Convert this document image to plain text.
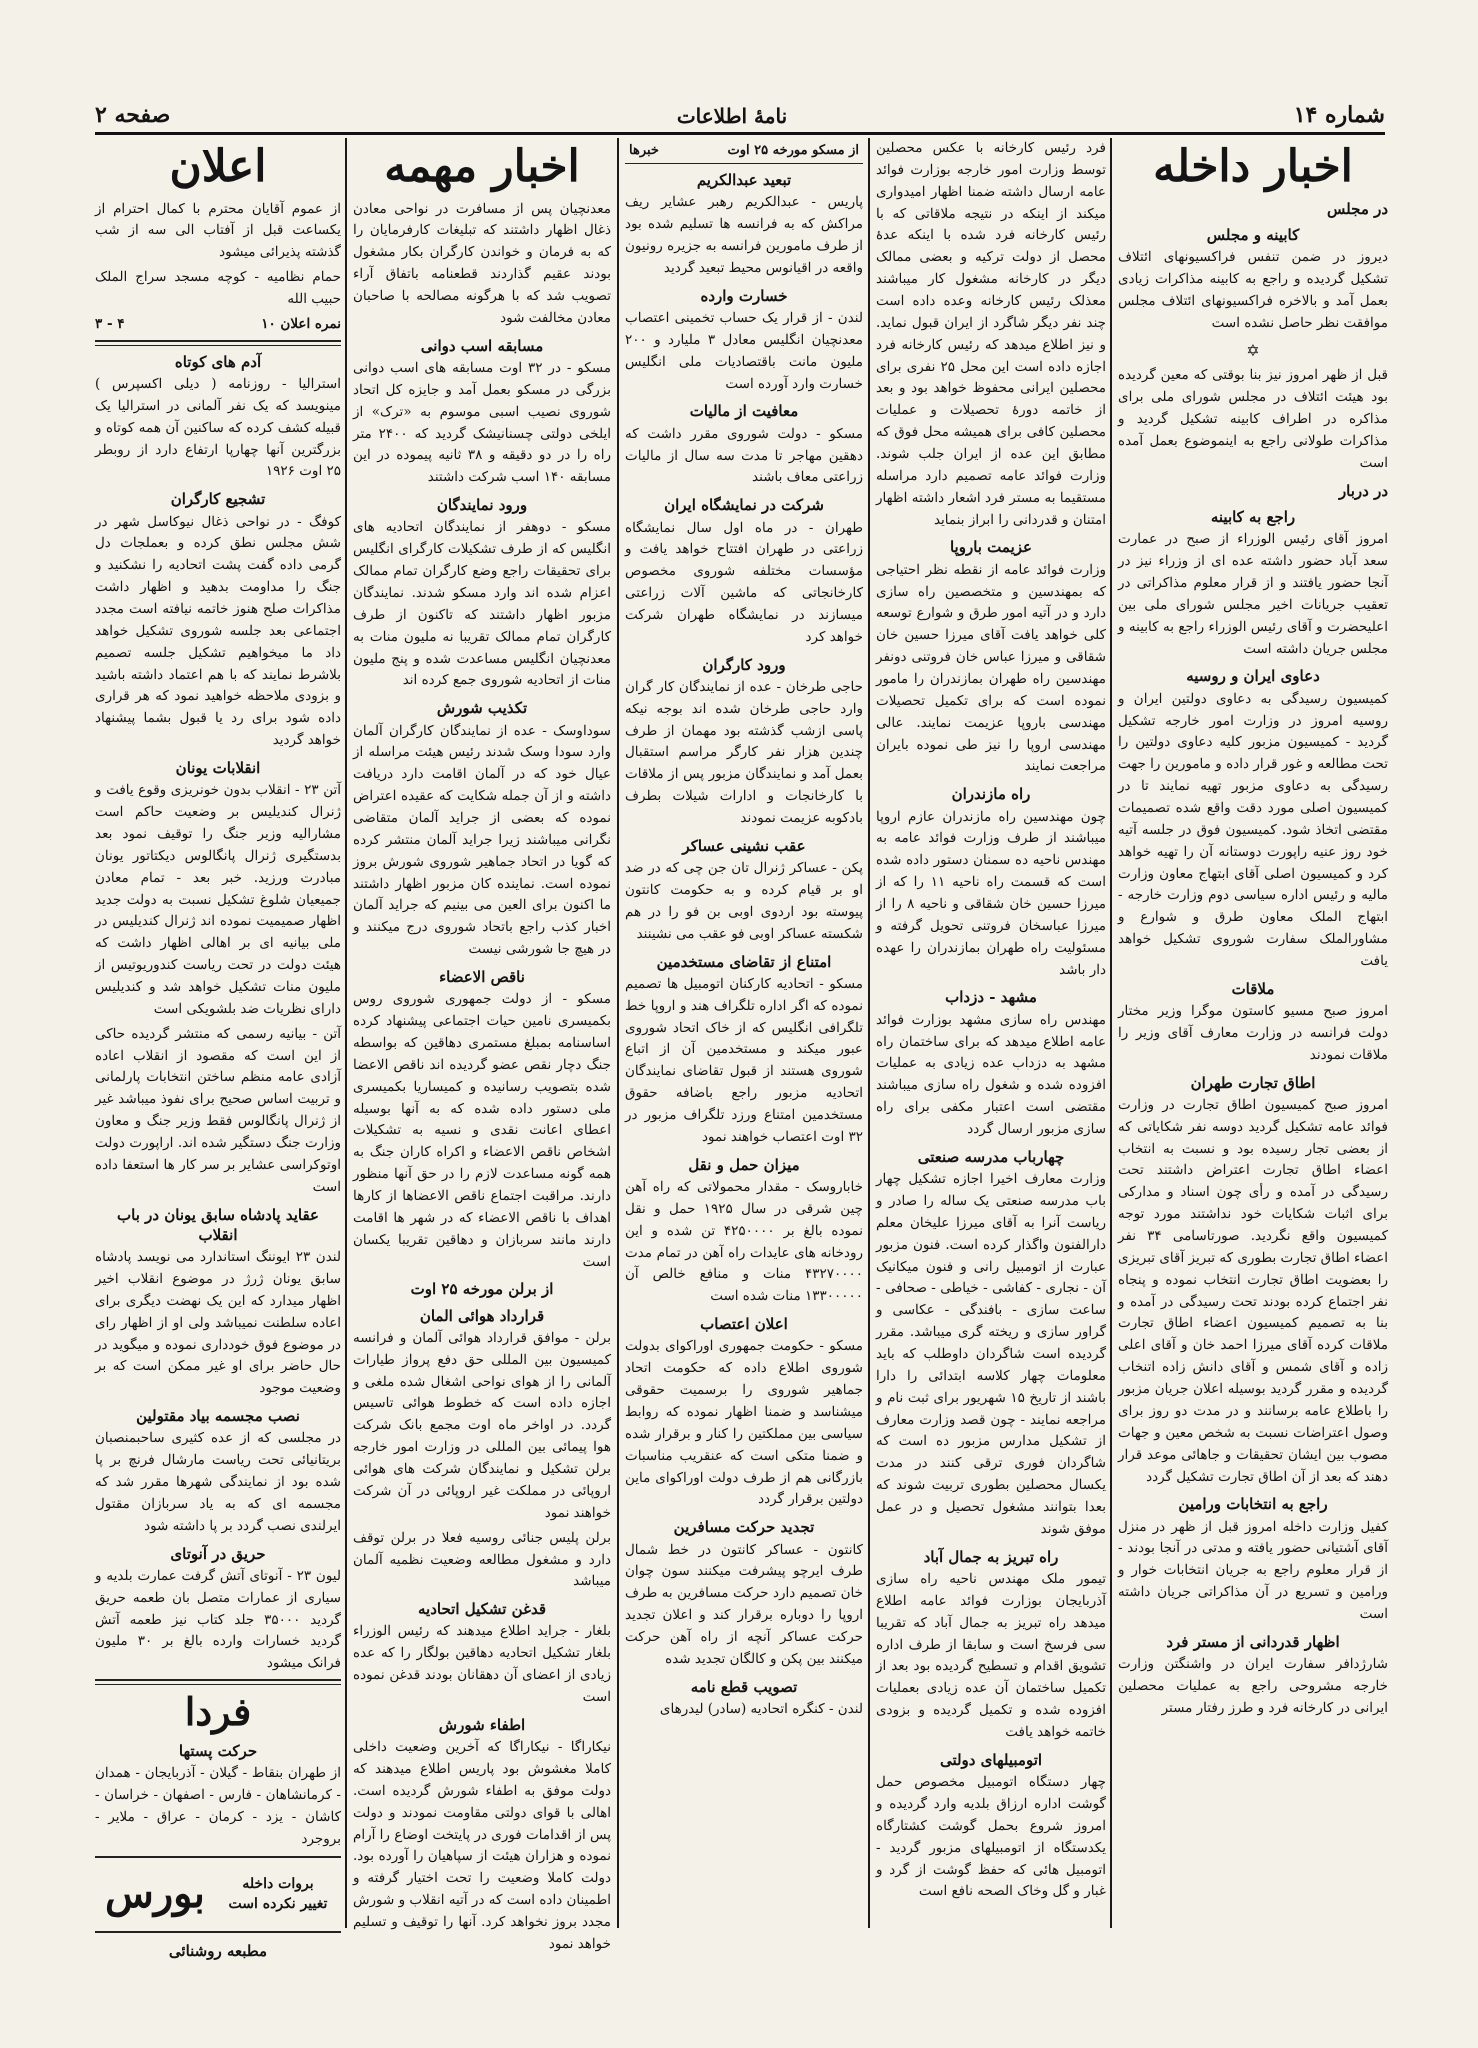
شماره ۱۴
نامۀ اطلاعات
صفحه ۲
اخبار داخله
در مجلس
کابینه و مجلس

دیروز در ضمن تنفس فراکسیونهای ائتلاف تشکیل گردیده و راجع به کابینه مذاکرات زیادی بعمل آمد و بالاخره فراکسیونهای ائتلاف مجلس موافقت نظر حاصل نشده است

✡

قبل از ظهر امروز نیز بنا بوقتی که معین گردیده بود هیئت ائتلاف در مجلس شورای ملی برای مذاکره در اطراف کابینه تشکیل گردید و مذاکرات طولانی راجع به اینموضوع بعمل آمده است

در دربار
راجع به کابینه

امروز آقای رئیس الوزراء از صبح در عمارت سعد آباد حضور داشته عده ای از وزراء نیز در آنجا حضور یافتند و از قرار معلوم مذاکراتی در تعقیب جریانات اخیر مجلس شورای ملی بین اعلیحضرت و آقای رئیس الوزراء راجع به کابینه و مجلس جریان داشته است

دعاوی ایران و روسیه

کمیسیون رسیدگی به دعاوی دولتین ایران و روسیه امروز در وزارت امور خارجه تشکیل گردید - کمیسیون مزبور کلیه دعاوی دولتین را تحت مطالعه و غور قرار داده و مامورین را جهت رسیدگی به دعاوی مزبور تهیه نمایند تا در کمیسیون اصلی مورد دقت واقع شده تصمیمات مقتضی اتخاذ شود. کمیسیون فوق در جلسه آتیه خود روز عنیه راپورت دوستانه آن را تهیه خواهد کرد و کمیسیون اصلی آقای ابتهاج معاون وزارت مالیه و رئیس اداره سیاسی دوم وزارت خارجه - ابتهاج الملک معاون طرق و شوارع و مشاورالملک سفارت شوروی تشکیل خواهد یافت

ملاقات

امروز صبح مسیو کاستون موگرا وزیر مختار دولت فرانسه در وزارت معارف آقای وزیر را ملاقات نمودند

اطاق تجارت طهران

امروز صبح کمیسیون اطاق تجارت در وزارت فوائد عامه تشکیل گردید دوسه نفر شکایاتی که از بعضی تجار رسیده بود و نسبت به انتخاب اعضاء اطاق تجارت اعتراض داشتند تحت رسیدگی در آمده و رأی چون اسناد و مدارکی برای اثبات شکایات خود نداشتند مورد توجه کمیسیون واقع نگردید. صورتاسامی ۳۴ نفر اعضاء اطاق تجارت بطوری که تبریز آقای تبریزی را بعضویت اطاق تجارت انتخاب نموده و پنجاه نفر اجتماع کرده بودند تحت رسیدگی در آمده و بنا به تصمیم کمیسیون اعضاء اطاق تجارت ملاقات کرده آقای میرزا احمد خان و آقای اعلی زاده و آقای شمس و آقای دانش زاده اتنخاب گردیده و مقرر گردید بوسیله اعلان جریان مزبور را باطلاع عامه برسانند و در مدت دو روز برای وصول اعتراضات نسبت به شخص معین و جهات مصوب بین ایشان تحقیقات و جاهائی موعد قرار دهند که بعد از آن اطاق تجارت تشکیل گردد

راجع به انتخابات ورامین

کفیل وزارت داخله امروز قبل از ظهر در منزل آقای آشتیانی حضور یافته و مدتی در آنجا بودند - از قرار معلوم راجع به جریان انتخابات خوار و ورامین و تسریع در آن مذاکراتی جریان داشته است

اظهار قدردانی از مستر فرد

شارژدافر سفارت ایران در واشنگتن وزارت خارجه مشروحی راجع به عملیات محصلین ایرانی در کارخانه فرد و طرز رفتار مستر

فرد رئیس کارخانه با عکس محصلین توسط وزارت امور خارجه بوزارت فوائد عامه ارسال داشته ضمنا اظهار امیدواری میکند از اینکه در نتیجه ملاقاتی که با رئیس کارخانه فرد شده با اینکه عدۀ محصل از دولت ترکیه و بعضی ممالک دیگر در کارخانه مشغول کار میباشند معذلک رئیس کارخانه وعده داده است چند نفر دیگر شاگرد از ایران قبول نماید. و نیز اطلاع میدهد که رئیس کارخانه فرد اجازه داده است این محل ۲۵ نفری برای محصلین ایرانی محفوظ خواهد بود و بعد از خاتمه دورۀ تحصیلات و عملیات محصلین کافی برای همیشه محل فوق که مطابق این عده از ایران جلب شوند. وزارت فوائد عامه تصمیم دارد مراسله مستقیما به مستر فرد اشعار داشته اظهار امتنان و قدردانی را ابراز بنماید

عزیمت باروپا

وزارت فوائد عامه از نقطه نظر احتیاجی که بمهندسین و متخصصین راه سازی دارد و در آتیه امور طرق و شوارع توسعه کلی خواهد یافت آقای میرزا حسین خان شقاقی و میرزا عباس خان فروتنی دونفر مهندسین راه طهران بمازندران را مامور نموده است که برای تکمیل تحصیلات مهندسی باروپا عزیمت نمایند. عالی مهندسی اروپا را نیز طی نموده بایران مراجعت نمایند

راه مازندران

چون مهندسین راه مازندران عازم اروپا میباشند از طرف وزارت فوائد عامه به مهندس ناحیه ده سمنان دستور داده شده است که قسمت راه ناحیه ۱۱ را که از میرزا حسین خان شقاقی و ناحیه ۸ را از میرزا عباسخان فروتنی تحویل گرفته و مسئولیت راه طهران بمازندران را عهده دار باشد

مشهد - دزداب

مهندس راه سازی مشهد بوزارت فوائد عامه اطلاع میدهد که برای ساختمان راه مشهد به دزداب عده زیادی به عملیات افزوده شده و شغول راه سازی میباشند مقتضی است اعتبار مکفی برای راه سازی مزبور ارسال گردد

چهارباب مدرسه صنعتی

وزارت معارف اخیرا اجازه تشکیل چهار باب مدرسه صنعتی یک ساله را صادر و ریاست آنرا به آقای میرزا علیخان معلم دارالفنون واگذار کرده است. فنون مزبور عبارت از اتومبیل رانی و فنون میکانیک آن - نجاری - کفاشی - خیاطی - صحافی - ساعت سازی - بافندگی - عکاسی و گراور سازی و ریخته گری میباشد. مقرر گردیده است شاگردان داوطلب که باید معلومات چهار کلاسه ابتدائی را دارا باشند از تاریخ ۱۵ شهریور برای ثبت نام و مراجعه نمایند - چون قصد وزارت معارف از تشکیل مدارس مزبور ده است که شاگردان فوری ترقی کنند در مدت یکسال محصلین بطوری تربیت شوند که بعدا بتوانند مشغول تحصیل و در عمل موفق شوند

راه تبریز به جمال آباد

تیمور ملک مهندس ناحیه راه سازی آذربایجان بوزارت فوائد عامه اطلاع میدهد راه تبریز به جمال آباد که تقریبا سی فرسخ است و سابقا از طرف اداره تشویق اقدام و تسطیح گردیده بود بعد از تکمیل ساختمان آن عده زیادی بعملیات افزوده شده و تکمیل گردیده و بزودی خاتمه خواهد یافت

اتومبیلهای دولتی

چهار دستگاه اتومبیل مخصوص حمل گوشت اداره ارزاق بلدیه وارد گردیده و امروز شروع بحمل گوشت کشتارگاه یکدستگاه از اتومبیلهای مزبور گردید - اتومبیل هائی که حفظ گوشت از گرد و غبار و گل وخاک الصحه نافع است

از مسکو مورخه ۲۵ اوت
خبرها
تبعید عبدالکریم

پاریس - عبدالکریم رهبر عشایر ریف مراکش که به فرانسه ها تسلیم شده بود از طرف مامورین فرانسه به جزیره رونیون واقعه در اقیانوس محیط تبعید گردید

خسارت وارده

لندن - از قرار یک حساب تخمینی اعتصاب معدنچیان انگلیس معادل ۳ ملیارد و ۲۰۰ ملیون مانت باقتصادیات ملی انگلیس خسارت وارد آورده است

معافیت از مالیات

مسکو - دولت شوروی مقرر داشت که دهقین مهاجر تا مدت سه سال از مالیات زراعتی معاف باشند

شرکت در نمایشگاه ایران

طهران - در ماه اول سال نمایشگاه زراعتی در طهران افتتاح خواهد یافت و مؤسسات مختلفه شوروی مخصوص کارخانجاتی که ماشین آلات زراعتی میسازند در نمایشگاه طهران شرکت خواهد کرد

ورود کارگران

حاجی طرخان - عده از نمایندگان کار گران وارد حاجی طرخان شده اند بوجه نیکه پاسی ازشب گذشته بود مهمان از طرف چندین هزار نفر کارگر مراسم استقبال بعمل آمد و نمایندگان مزبور پس از ملاقات با کارخانجات و ادارات شیلات بطرف بادکوبه عزیمت نمودند

عقب نشینی عساکر

پکن - عساکر ژنرال تان جن چی که در ضد او بر قیام کرده و به حکومت کانتون پیوسته بود اردوی اوبی بن فو را در هم شکسته عساکر اوبی فو عقب می نشینند

امتناع از تقاضای مستخدمین

مسکو - اتحادیه کارکنان اتومبیل ها تصمیم نموده که اگر اداره تلگراف هند و اروپا خط تلگرافی انگلیس که از خاک اتحاد شوروی عبور میکند و مستخدمین آن از اتباع شوروی هستند از قبول تقاضای نمایندگان اتحادیه مزبور راجع باضافه حقوق مستخدمین امتناع ورزد تلگراف مزبور در ۳۲ اوت اعتصاب خواهند نمود

میزان حمل و نقل

خاباروسک - مقدار محمولاتی که راه آهن چین شرقی در سال ۱۹۲۵ حمل و نقل نموده بالغ بر ۴۲۵۰۰۰۰ تن شده و این رودخانه های عایدات راه آهن در تمام مدت ۴۳۲۷۰۰۰۰ منات و منافع خالص آن ۱۳۳۰۰۰۰۰ منات شده است

اعلان اعتصاب

مسکو - حکومت جمهوری اوراکوای بدولت شوروی اطلاع داده که حکومت اتحاد جماهیر شوروی را برسمیت حقوقی میشناسد و ضمنا اظهار نموده که روابط سیاسی بین مملکتین را کنار و برقرار شده و ضمنا متکی است که عنقریب مناسبات بازرگانی هم از طرف دولت اوراکوای ماین دولتین برقرار گردد

تجدید حرکت مسافرین

کانتون - عساکر کانتون در خط شمال طرف ایرچو پیشرفت میکنند سون چوان خان تصمیم دارد حرکت مسافرین به طرف اروپا را دوباره برقرار کند و اعلان تجدید حرکت عساکر آنچه از راه آهن حرکت میکنند بین پکن و کالگان تجدید شده

تصویب قطع نامه

لندن - کنگره اتحادیه (سادر) لیدرهای

اخبار مهمه

معدنچیان پس از مسافرت در نواحی معادن ذغال اظهار داشتند که تبلیغات کارفرمایان را که به فرمان و خواندن کارگران بکار مشغول بودند عقیم گذاردند قطعنامه باتفاق آراء تصویب شد که با هرگونه مصالحه با صاحبان معادن مخالفت شود

مسابقه اسب دوانی

مسکو - در ۳۲ اوت مسابقه های اسب دوانی بزرگی در مسکو بعمل آمد و جایزه کل اتحاد شوروی نصیب اسبی موسوم به «ترک» از ایلخی دولتی چسنانیشک گردید که ۲۴۰۰ متر راه را در دو دقیقه و ۳۸ ثانیه پیموده در این مسابقه ۱۴۰ اسب شرکت داشتند

ورود نمایندگان

مسکو - دوهفر از نمایندگان اتحادیه های انگلیس که از طرف تشکیلات کارگرای انگلیس برای تحقیقات راجع وضع کارگران تمام ممالک اعزام شده اند وارد مسکو شدند. نمایندگان مزبور اظهار داشتند که تاکنون از طرف کارگران تمام ممالک تقریبا نه ملیون منات به معدنچیان انگلیس مساعدت شده و پنج ملیون منات از اتحادیه شوروی جمع کرده اند

تکذیب شورش

سوداوسک - عده از نمایندگان کارگران آلمان وارد سودا وسک شدند رئیس هیئت مراسله از عیال خود که در آلمان اقامت دارد دریافت داشته و از آن جمله شکایت که عقیده اعتراض نموده که بعضی از جراید آلمان متقاضی نگرانی میباشند زیرا جراید آلمان منتشر کرده که گویا در اتحاد جماهیر شوروی شورش بروز نموده است. نماینده کان مزبور اظهار داشتند ما اکنون برای العین می بینیم که جراید آلمان اخبار کذب راجع باتحاد شوروی درج میکنند و در هیچ جا شورشی نیست

ناقص الاعضاء

مسکو - از دولت جمهوری شوروی روس بکمیسری نامین حیات اجتماعی پیشنهاد کرده اساسنامه بمبلغ مستمری دهاقین که بواسطه جنگ دچار نقص عضو گردیده اند ناقص الاعضا شده بتصویب رسانیده و کمیساریا بکمیسری ملی دستور داده شده که به آنها بوسیله اعطای اعانت نقدی و نسیه به تشکیلات اشخاص ناقص الاعضاء و اکراه کاران جنگ به همه گونه مساعدت لازم را در حق آنها منظور دارند. مراقبت اجتماع ناقص الاعضاها از کارها اهداف با ناقص الاعضاء که در شهر ها اقامت دارند مانند سربازان و دهاقین تقریبا یکسان است

از برلن مورخه ۲۵ اوت
قرارداد هوائی المان

برلن - موافق قرارداد هوائی آلمان و فرانسه کمیسیون بین المللی حق دفع پرواز طیارات آلمانی را از هوای نواحی اشغال شده ملغی و اجازه داده است که خطوط هوائی تاسیس گردد. در اواخر ماه اوت مجمع بانک شرکت هوا پیمائی بین المللی در وزارت امور خارجه برلن تشکیل و نمایندگان شرکت های هوائی اروپائی در مملکت غیر اروپائی در آن شرکت خواهند نمود

برلن پلیس جنائی روسیه فعلا در برلن توقف دارد و مشغول مطالعه وضعیت نظمیه آلمان میباشد

قدغن تشکیل اتحادیه

بلغار - جراید اطلاع میدهند که رئیس الوزراء بلغار تشکیل اتحادیه دهاقین بولگار را که عده زیادی از اعضای آن دهقانان بودند قدغن نموده است

اطفاء شورش

نیکاراگا - نیکاراگا که آخرین وضعیت داخلی کاملا مغشوش بود پاریس اطلاع میدهند که دولت موفق به اطفاء شورش گردیده است. اهالی با قوای دولتی مقاومت نمودند و دولت پس از اقدامات فوری در پایتخت اوضاع را آرام نموده و هزاران هیئت از سپاهیان را آورده بود. دولت کاملا وضعیت را تحت اختیار گرفته و اطمینان داده است که در آتیه انقلاب و شورش مجدد بروز نخواهد کرد. آنها را توقیف و تسلیم خواهد نمود

اعلان

از عموم آقایان محترم با کمال احترام از یکساعت قبل از آفتاب الی سه از شب گذشته پذیرائی میشود

حمام نظامیه - کوچه مسجد سراج الملک حبیب الله

نمره اعلان ۱۰
۴ - ۳
آدم های کوتاه

استرالیا - روزنامه ( دیلی اکسپرس ) مینویسد که یک نفر آلمانی در استرالیا یک قبیله کشف کرده که ساکنین آن همه کوتاه و بزرگترین آنها چهارپا ارتفاع دارد از روبطر ۲۵ اوت ۱۹۲۶

تشجیع کارگران

کوفگ - در نواحی ذغال نیوکاسل شهر در شش مجلس نطق کرده و بعملجات دل گرمی داده گفت پشت اتحادیه را نشکنید و جنگ را مداومت بدهید و اظهار داشت مذاکرات صلح هنوز خاتمه نیافته است مجدد اجتماعی بعد جلسه شوروی تشکیل خواهد داد ما میخواهیم تشکیل جلسه تصمیم بلاشرط نمایند که با هم اعتماد داشته باشید و بزودی ملاحظه خواهید نمود که هر قراری داده شود برای رد یا قبول بشما پیشنهاد خواهد گردید

انقلابات یونان

آتن ۲۳ - انقلاب بدون خونریزی وقوع یافت و ژنرال کندیلیس بر وضعیت حاکم است مشارالیه وزیر جنگ را توقیف نمود بعد بدستگیری ژنرال پانگالوس دیکتاتور یونان مبادرت ورزید. خبر بعد - تمام معادن جمیعیان شلوغ تشکیل نسبت به دولت جدید اظهار صمیمیت نموده اند ژنرال کندیلیس در ملی بیانیه ای بر اهالی اظهار داشت که هیئت دولت در تحت ریاست کندوریوتیس از ملیون منات تشکیل خواهد شد و کندیلیس دارای نظریات ضد بلشویکی است

آتن - بیانیه رسمی که منتشر گردیده حاکی از این است که مقصود از انقلاب اعاده آزادی عامه منظم ساختن انتخابات پارلمانی و تربیت اساس صحیح برای نفوذ میباشد غیر از ژنرال پانگالوس فقط وزیر جنگ و معاون وزارت جنگ دستگیر شده اند. اراپورت دولت اوتوکراسی عشایر بر سر کار ها استعفا داده است

عقاید پادشاه سابق یونان در باب انقلاب

لندن ۲۳ ایوننگ استاندارد می نویسد پادشاه سابق یونان ژرژ در موضوع انقلاب اخیر اظهار میدارد که این یک نهضت دیگری برای اعاده سلطنت نمیباشد ولی او از اظهار رای در موضوع فوق خودداری نموده و میگوید در حال حاضر برای او غیر ممکن است که بر وضعیت موجود

نصب مجسمه بیاد مقتولین

در مجلسی که از عده کثیری ساحبمنصبان بریتانیائی تحت ریاست مارشال فرنچ بر پا شده بود از نمایندگی شهرها مقرر شد که مجسمه ای که به یاد سربازان مقتول ایرلندی نصب گردد بر پا داشته شود

حریق در آنوتای

لیون ۲۳ - آنوتای آتش گرفت عمارت بلدیه و سیاری از عمارات متصل بان طعمه حریق گردید ۳۵۰۰۰ جلد کتاب نیز طعمه آتش گردید خسارات وارده بالغ بر ۳۰ ملیون فرانک میشود

فردا
حرکت پستها

از طهران بنقاط - گیلان - آذربایجان - همدان - کرمانشاهان - فارس - اصفهان - خراسان - کاشان - یزد - کرمان - عراق - ملایر - بروجرد

بروات داخله
تغییر نکرده است
بورس
مطبعه روشنائی
